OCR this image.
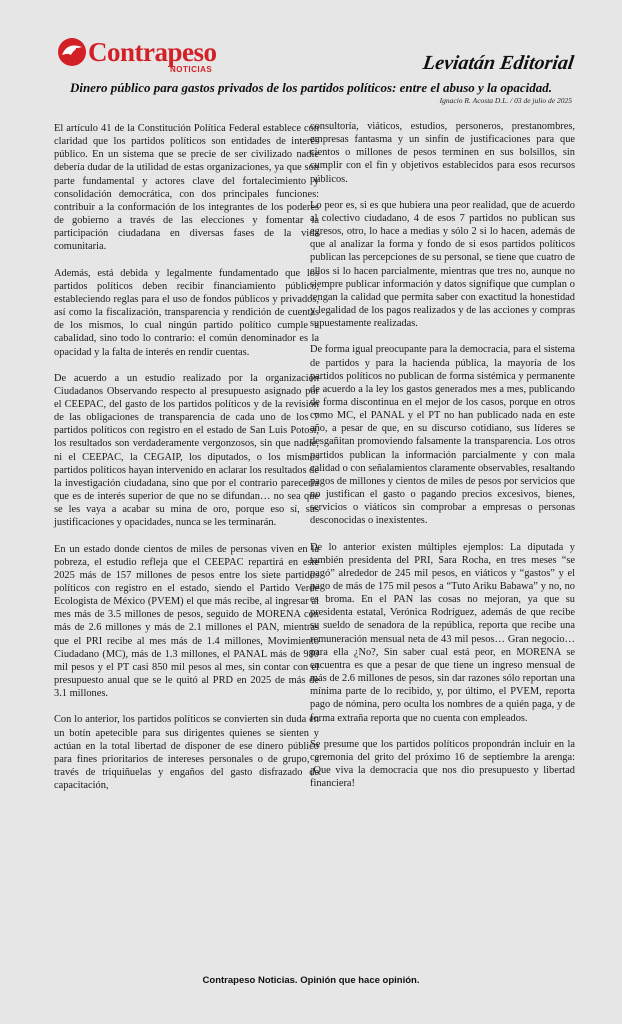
Contrapeso
NOTICIAS	Leviatán Editorial
Dinero público para gastos privados de los partidos políticos: entre el abuso y la opacidad.
Ignacio R. Acosta D.L. / 03 de julio de 2025

El artículo 41 de la Constitución Política Federal establece con claridad que los partidos políticos son entidades de interés público. En un sistema que se precie de ser civilizado nadie debería dudar de la utilidad de estas organizaciones, ya que son parte fundamental y actores clave del fortalecimiento y consolidación democrática, con dos principales funciones: contribuir a la conformación de los integrantes de los poderes de gobierno a través de las elecciones y fomentar la participación ciudadana en diversas fases de la vida comunitaria.

Además, está debida y legalmente fundamentado que los partidos políticos deben recibir financiamiento público, estableciendo reglas para el uso de fondos públicos y privados, así como la fiscalización, transparencia y rendición de cuentas de los mismos, lo cual ningún partido político cumple a cabalidad, sino todo lo contrario: el común denominador es la opacidad y la falta de interés en rendir cuentas.

De acuerdo a un estudio realizado por la organización Ciudadanos Observando respecto al presupuesto asignado por el CEEPAC, del gasto de los partidos políticos y de la revisión de las obligaciones de transparencia de cada uno de los 7 partidos políticos con registro en el estado de San Luis Potosí, los resultados son verdaderamente vergonzosos, sin que nadie, ni el CEEPAC, la CEGAIP, los diputados, o los mismos partidos políticos hayan intervenido en aclarar los resultados de la investigación ciudadana, sino que por el contrario parecería que es de interés superior de que no se difundan… no sea que se les vaya a acabar su mina de oro, porque eso sí, sus justificaciones y opacidades, nunca se les terminarán.

En un estado donde cientos de miles de personas viven en la pobreza, el estudio refleja que el CEEPAC repartirá en este 2025 más de 157 millones de pesos entre los siete partidos políticos con registro en el estado, siendo el Partido Verde Ecologista de México (PVEM) el que más recibe, al ingresar al mes más de 3.5 millones de pesos, seguido de MORENA con más de 2.6 millones y más de 2.1 millones el PAN, mientras que el PRI recibe al mes más de 1.4 millones, Movimiento Ciudadano (MC), más de 1.3 millones, el PANAL más de 980 mil pesos y el PT casi 850 mil pesos al mes, sin contar con el presupuesto anual que se le quitó al PRD en 2025 de más de 3.1 millones.

Con lo anterior, los partidos políticos se convierten sin duda en un botín apetecible para sus dirigentes quienes se sienten y actúan en la total libertad de disponer de ese dinero público para fines prioritarios de intereses personales o de grupo, a través de triquiñuelas y engaños del gasto disfrazado de capacitación,

consultoría, viáticos, estudios, personeros, prestanombres, empresas fantasma y un sinfín de justificaciones para que cientos o millones de pesos terminen en sus bolsillos, sin cumplir con el fin y objetivos establecidos para esos recursos públicos.

Lo peor es, si es que hubiera una peor realidad, que de acuerdo al colectivo ciudadano, 4 de esos 7 partidos no publican sus egresos, otro, lo hace a medias y sólo 2 si lo hacen, además de que al analizar la forma y fondo de si esos partidos políticos publican las percepciones de su personal, se tiene que cuatro de ellos si lo hacen parcialmente, mientras que tres no, aunque no siempre publicar información y datos signifique que cumplan o tengan la calidad que permita saber con exactitud la honestidad y legalidad de los pagos realizados y de las acciones y compras supuestamente realizadas.

De forma igual preocupante para la democracia, para el sistema de partidos y para la hacienda pública, la mayoría de los partidos políticos no publican de forma sistémica y permanente de acuerdo a la ley los gastos generados mes a mes, publicando de forma discontinua en el mejor de los casos, porque en otros como MC, el PANAL y el PT no han publicado nada en este año, a pesar de que, en su discurso cotidiano, sus líderes se desgañitan promoviendo falsamente la transparencia. Los otros partidos publican la información parcialmente y con mala calidad o con señalamientos claramente observables, resaltando pagos de millones y cientos de miles de pesos por servicios que no justifican el gasto o pagando precios excesivos, bienes, servicios o viáticos sin comprobar a empresas o personas desconocidas o inexistentes.

De lo anterior existen múltiples ejemplos: La diputada y también presidenta del PRI, Sara Rocha, en tres meses “se pagó” alrededor de 245 mil pesos, en viáticos y “gastos” y el pago de más de 175 mil pesos a “Tuto Ariku Babawa” y no, no es broma. En el PAN las cosas no mejoran, ya que su presidenta estatal, Verónica Rodríguez, además de que recibe su sueldo de senadora de la república, reporta que recibe una remuneración mensual neta de 43 mil pesos… Gran negocio… para ella ¿No?, Sin saber cual está peor, en MORENA se encuentra es que a pesar de que tiene un ingreso mensual de más de 2.6 millones de pesos, sin dar razones sólo reportan una mínima parte de lo recibido, y, por último, el PVEM, reporta pago de nómina, pero oculta los nombres de a quién paga, y de forma extraña reporta que no cuenta con empleados.

Se presume que los partidos políticos propondrán incluir en la ceremonia del grito del próximo 16 de septiembre la arenga: ¡Que viva la democracia que nos dio presupuesto y libertad financiera!

Contrapeso Noticias. Opinión que hace opinión.
